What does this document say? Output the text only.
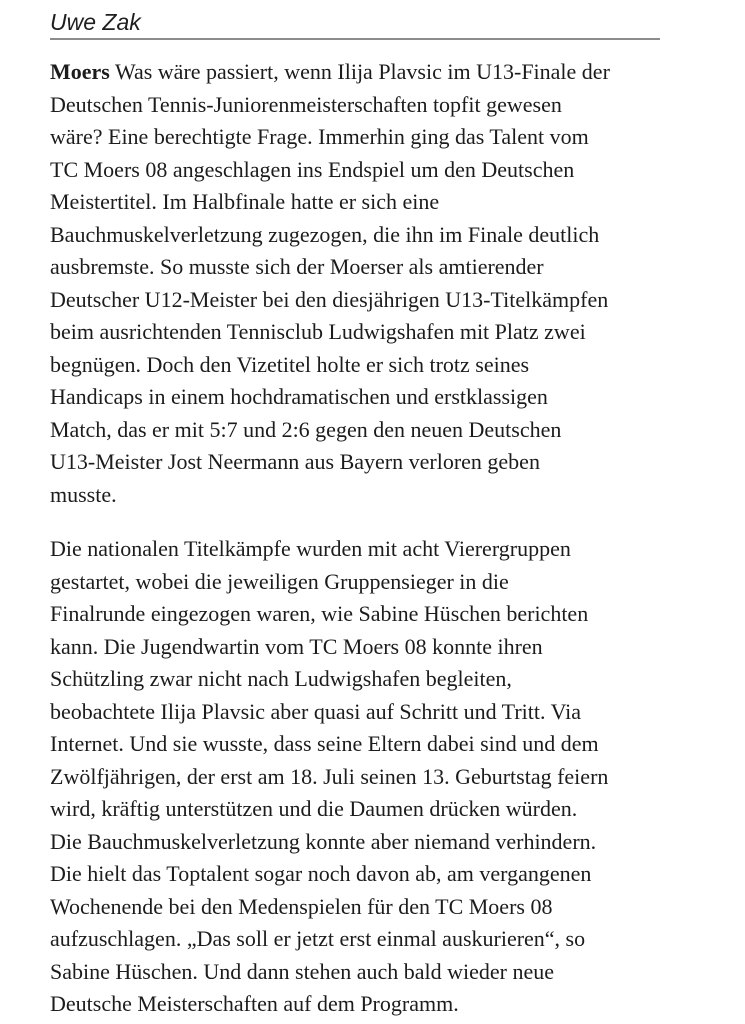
Uwe Zak

Moers Was wäre passiert, wenn Ilija Plavsic im U13-Finale der
Deutschen Tennis-Juniorenmeisterschaften topfit gewesen
wäre? Eine berechtigte Frage. Immerhin ging das Talent vom
TC Moers 08 angeschlagen ins Endspiel um den Deutschen
Meistertitel. Im Halbfinale hatte er sich eine
Bauchmuskelverletzung zugezogen, die ihn im Finale deutlich
ausbremste. So musste sich der Moerser als amtierender
Deutscher U12-Meister bei den diesjährigen U13-Titelkämpfen
beim ausrichtenden Tennisclub Ludwigshafen mit Platz zwei
begnügen. Doch den Vizetitel holte er sich trotz seines
Handicaps in einem hochdramatischen und erstklassigen
Match, das er mit 5:7 und 2:6 gegen den neuen Deutschen
U13-Meister Jost Neermann aus Bayern verloren geben
musste.

Die nationalen Titelkämpfe wurden mit acht Vierergruppen
gestartet, wobei die jeweiligen Gruppensieger in die
Finalrunde eingezogen waren, wie Sabine Hüschen berichten
kann. Die Jugendwartin vom TC Moers 08 konnte ihren
Schützling zwar nicht nach Ludwigshafen begleiten,
beobachtete Ilija Plavsic aber quasi auf Schritt und Tritt. Via
Internet. Und sie wusste, dass seine Eltern dabei sind und dem
Zwölfjährigen, der erst am 18. Juli seinen 13. Geburtstag feiern
wird, kräftig unterstützen und die Daumen drücken würden.
Die Bauchmuskelverletzung konnte aber niemand verhindern.
Die hielt das Toptalent sogar noch davon ab, am vergangenen
Wochenende bei den Medenspielen für den TC Moers 08
aufzuschlagen. „Das soll er jetzt erst einmal auskurieren“, so
Sabine Hüschen. Und dann stehen auch bald wieder neue
Deutsche Meisterschaften auf dem Programm.
